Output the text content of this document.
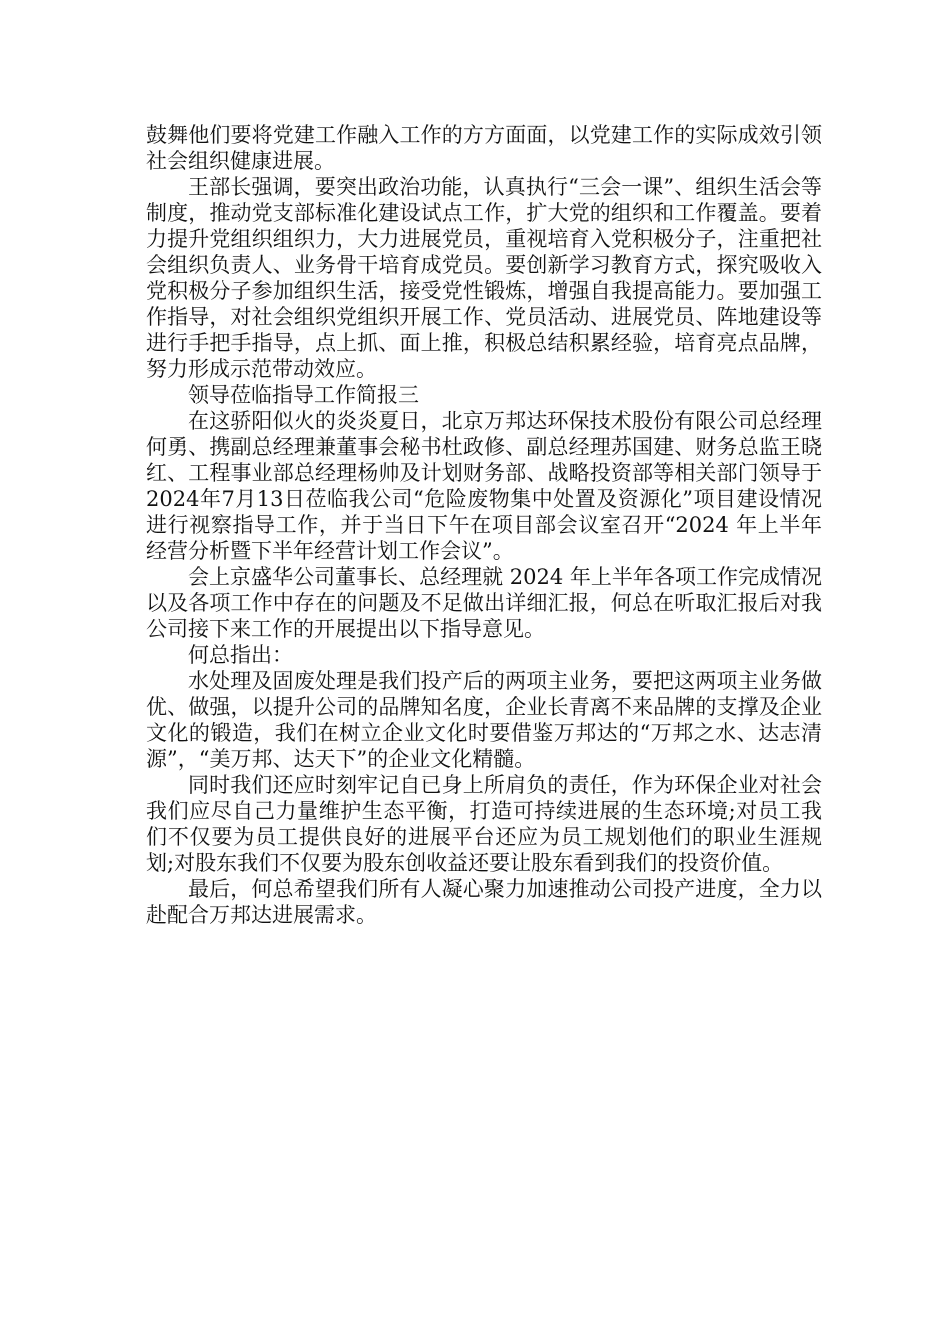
鼓舞他们要将党建工作融入工作的方方面面，以党建工作的实际成效引领社会组织健康进展。

王部长强调，要突出政治功能，认真执行“三会一课”、组织生活会等制度，推动党支部标准化建设试点工作，扩大党的组织和工作覆盖。要着力提升党组织组织力，大力进展党员，重视培育入党积极分子，注重把社会组织负责人、业务骨干培育成党员。要创新学习教育方式，探究吸收入党积极分子参加组织生活，接受党性锻炼，增强自我提高能力。要加强工作指导，对社会组织党组织开展工作、党员活动、进展党员、阵地建设等进行手把手指导，点上抓、面上推，积极总结积累经验，培育亮点品牌，努力形成示范带动效应。

领导莅临指导工作简报三

在这骄阳似火的炎炎夏日，北京万邦达环保技术股份有限公司总经理何勇、携副总经理兼董事会秘书杜政修、副总经理苏国建、财务总监王晓红、工程事业部总经理杨帅及计划财务部、战略投资部等相关部门领导于2024年7月13日莅临我公司“危险废物集中处置及资源化”项目建设情况进行视察指导工作，并于当日下午在项目部会议室召开“2024 年上半年经营分析暨下半年经营计划工作会议”。

会上京盛华公司董事长、总经理就 2024 年上半年各项工作完成情况以及各项工作中存在的问题及不足做出详细汇报，何总在听取汇报后对我公司接下来工作的开展提出以下指导意见。

何总指出：

水处理及固废处理是我们投产后的两项主业务，要把这两项主业务做优、做强，以提升公司的品牌知名度，企业长青离不来品牌的支撑及企业文化的锻造，我们在树立企业文化时要借鉴万邦达的“万邦之水、达志清源”，“美万邦、达天下”的企业文化精髓。

同时我们还应时刻牢记自已身上所肩负的责任，作为环保企业对社会我们应尽自己力量维护生态平衡，打造可持续进展的生态环境;对员工我们不仅要为员工提供良好的进展平台还应为员工规划他们的职业生涯规划;对股东我们不仅要为股东创收益还要让股东看到我们的投资价值。

最后，何总希望我们所有人凝心聚力加速推动公司投产进度，全力以赴配合万邦达进展需求。
